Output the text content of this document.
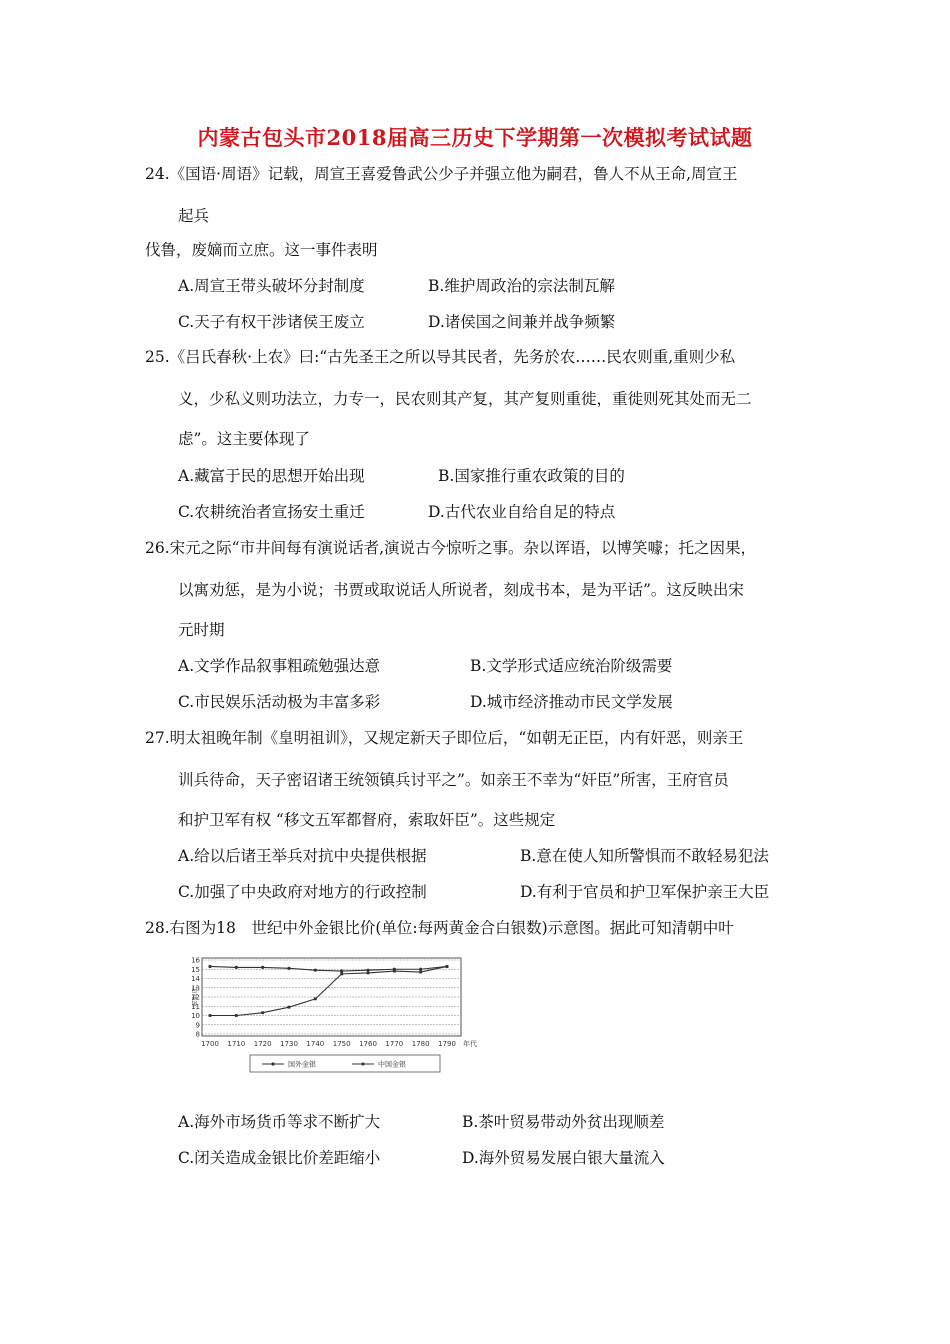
内蒙古包头市2018届高三历史下学期第一次模拟考试试题
24.《国语·周语》记载，周宣王喜爱鲁武公少子并强立他为嗣君，鲁人不从王命,周宣王
起兵
伐鲁，废嫡而立庶。这一事件表明
A.周宣王带头破坏分封制度	B.维护周政治的宗法制瓦解
C.天子有权干涉诸侯王废立	D.诸侯国之间兼并战争频繁
25.《吕氏春秋·上农》曰:“古先圣王之所以导其民者，先务於农……民农则重,重则少私
义，少私义则功法立，力专一，民农则其产复，其产复则重徙，重徙则死其处而无二
虑”。这主要体现了
A.藏富于民的思想开始出现	B.国家推行重农政策的目的
C.农耕统治者宣扬安土重迁	D.古代农业自给自足的特点
26.宋元之际“市井间每有演说话者,演说古今惊听之事。杂以诨语，以博笑噱；托之因果，
以寓劝惩，是为小说；书贾或取说话人所说者，刻成书本，是为平话”。这反映出宋
元时期
A.文学作品叙事粗疏勉强达意	B.文学形式适应统治阶级需要
C.市民娱乐活动极为丰富多彩	D.城市经济推动市民文学发展
27.明太祖晚年制《皇明祖训》，又规定新天子即位后，“如朝无正臣，内有奸恶，则亲王
训兵待命，天子密诏诸王统领镇兵讨平之”。如亲王不幸为“奸臣”所害，王府官员
和护卫军有权 “移文五军都督府，索取奸臣”。这些规定
A.给以后诸王举兵对抗中央提供根据	B.意在使人知所警惧而不敢轻易犯法
C.加强了中央政府对地方的行政控制	D.有利于官员和护卫军保护亲王大臣
28.右图为18　世纪中外金银比价(单位:每两黄金合白银数)示意图。据此可知清朝中叶
8
9
10
11
12
13
14
15
16
金银比
1700 1710 1720 1730 1740 1750 1760 1770 1780 1790 年代
国外金银	中国金银
A.海外市场货币等求不断扩大	B.茶叶贸易带动外贫出现顺差
C.闭关造成金银比价差距缩小	D.海外贸易发展白银大量流入
